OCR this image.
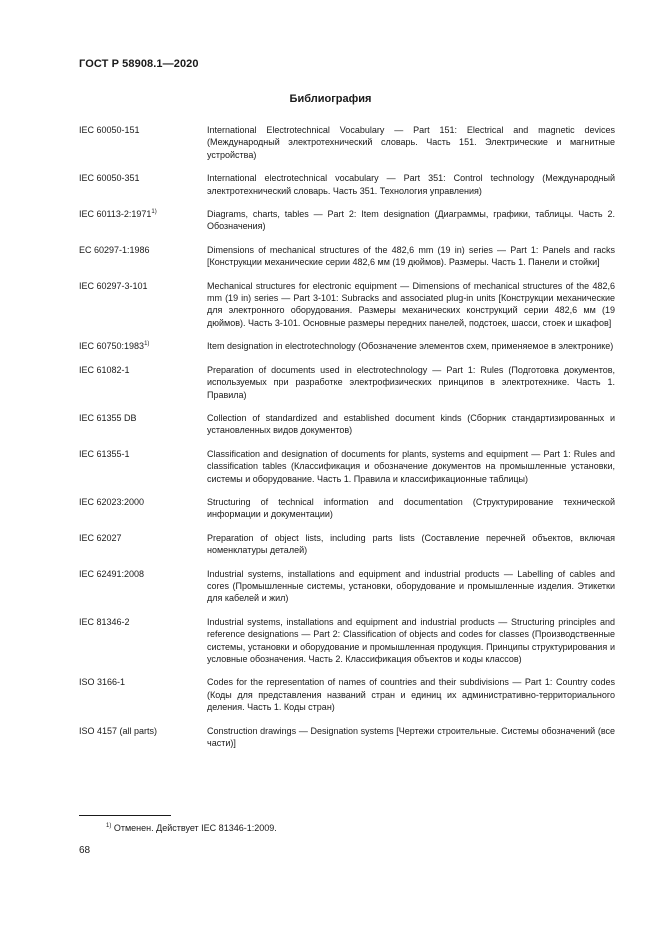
ГОСТ Р 58908.1—2020
Библиография
IEC 60050-151	International Electrotechnical Vocabulary — Part 151: Electrical and magnetic devices (Международный электротехнический словарь. Часть 151. Электрические и магнитные устройства)
IEC 60050-351	International electrotechnical vocabulary — Part 351: Control technology (Международный электротехнический словарь. Часть 351. Технология управления)
IEC 60113-2:1971$^{1)}$	Diagrams, charts, tables — Part 2: Item designation (Диаграммы, графики, таблицы. Часть 2. Обозначения)
EC 60297-1:1986	Dimensions of mechanical structures of the 482,6 mm (19 in) series — Part 1: Panels and racks [Конструкции механические серии 482,6 мм (19 дюймов). Размеры. Часть 1. Панели и стойки]
IEC 60297-3-101	Mechanical structures for electronic equipment — Dimensions of mechanical structures of the 482,6 mm (19 in) series — Part 3-101: Subracks and associated plug-in units [Конструкции механические для электронного оборудования. Размеры механических конструкций серии 482,6 мм (19 дюймов). Часть 3-101. Основные размеры передних панелей, подстоек, шасси, стоек и шкафов]
IEC 60750:1983$^{1)}$	Item designation in electrotechnology (Обозначение элементов схем, применяемое в электронике)
IEC 61082-1	Preparation of documents used in electrotechnology — Part 1: Rules (Подготовка документов, используемых при разработке электрофизических принципов в электротехнике. Часть 1. Правила)
IEC 61355 DB	Collection of standardized and established document kinds (Сборник стандартизированных и установленных видов документов)
IEC 61355-1	Classification and designation of documents for plants, systems and equipment — Part 1: Rules and classification tables (Классификация и обозначение документов на промышленные установки, системы и оборудование. Часть 1. Правила и классификационные таблицы)
IEC 62023:2000	Structuring of technical information and documentation (Структурирование технической информации и документации)
IEC 62027	Preparation of object lists, including parts lists (Составление перечней объектов, включая номенклатуры деталей)
IEC 62491:2008	Industrial systems, installations and equipment and industrial products — Labelling of cables and cores (Промышленные системы, установки, оборудование и промышленные изделия. Этикетки для кабелей и жил)
IEC 81346-2	Industrial systems, installations and equipment and industrial products — Structuring principles and reference designations — Part 2: Classification of objects and codes for classes (Производственные системы, установки и оборудование и промышленная продукция. Принципы структурирования и условные обозначения. Часть 2. Классификация объектов и коды классов)
ISO 3166-1	Codes for the representation of names of countries and their subdivisions — Part 1: Country codes (Коды для представления названий стран и единиц их административно-территориального деления. Часть 1. Коды стран)
ISO 4157 (all parts)	Construction drawings — Designation systems [Чертежи строительные. Системы обозначений (все части)]
$^{1)}$ Отменен. Действует IEC 81346-1:2009.
68
